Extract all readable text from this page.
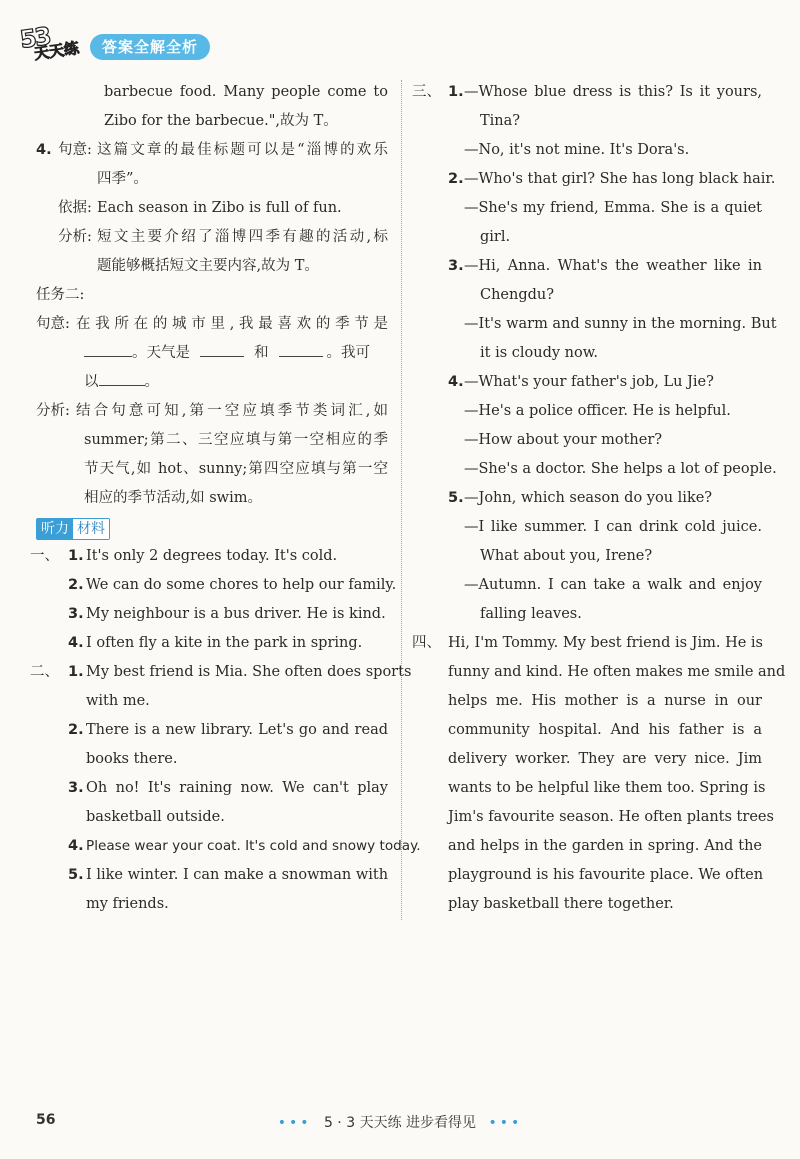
53
天天练	答案全解全析
barbecue food. Many people come to
Zibo for the barbecue.",故为 T。
4. 句意: 这篇文章的最佳标题可以是“淄博的欢乐
四季”。
依据: Each season in Zibo is full of fun.
分析: 短文主要介绍了淄博四季有趣的活动,标
题能够概括短文主要内容,故为 T。
任务二:
句意: 在我所在的城市里,我最喜欢的季节是
。天气是	和	。我可
以	。
分析: 结合句意可知,第一空应填季节类词汇,如
summer;第二、三空应填与第一空相应的季
节天气,如 hot、sunny;第四空应填与第一空
相应的季节活动,如 swim。
听力 材料
一、 1. It's only 2 degrees today. It's cold.
2. We can do some chores to help our family.
3. My neighbour is a bus driver. He is kind.
4. I often fly a kite in the park in spring.
二、 1. My best friend is Mia. She often does sports
with me.
2. There is a new library. Let's go and read
books there.
3. Oh no! It's raining now. We can't play
basketball outside.
4. Please wear your coat. It's cold and snowy today.
5. I like winter. I can make a snowman with
my friends.
三、 1. —Whose blue dress is this? Is it yours,
Tina?
—No, it's not mine. It's Dora's.
2. —Who's that girl? She has long black hair.
—She's my friend, Emma. She is a quiet
girl.
3. —Hi, Anna. What's the weather like in
Chengdu?
—It's warm and sunny in the morning. But
it is cloudy now.
4. —What's your father's job, Lu Jie?
—He's a police officer. He is helpful.
—How about your mother?
—She's a doctor. She helps a lot of people.
5. —John, which season do you like?
—I like summer. I can drink cold juice.
What about you, Irene?
—Autumn. I can take a walk and enjoy
falling leaves.
四、 Hi, I'm Tommy. My best friend is Jim. He is
funny and kind. He often makes me smile and
helps me. His mother is a nurse in our
community hospital. And his father is a
delivery worker. They are very nice. Jim
wants to be helpful like them too. Spring is
Jim's favourite season. He often plants trees
and helps in the garden in spring. And the
playground is his favourite place. We often
play basketball there together.
56	••• 5 · 3 天天练 进步看得见 •••
